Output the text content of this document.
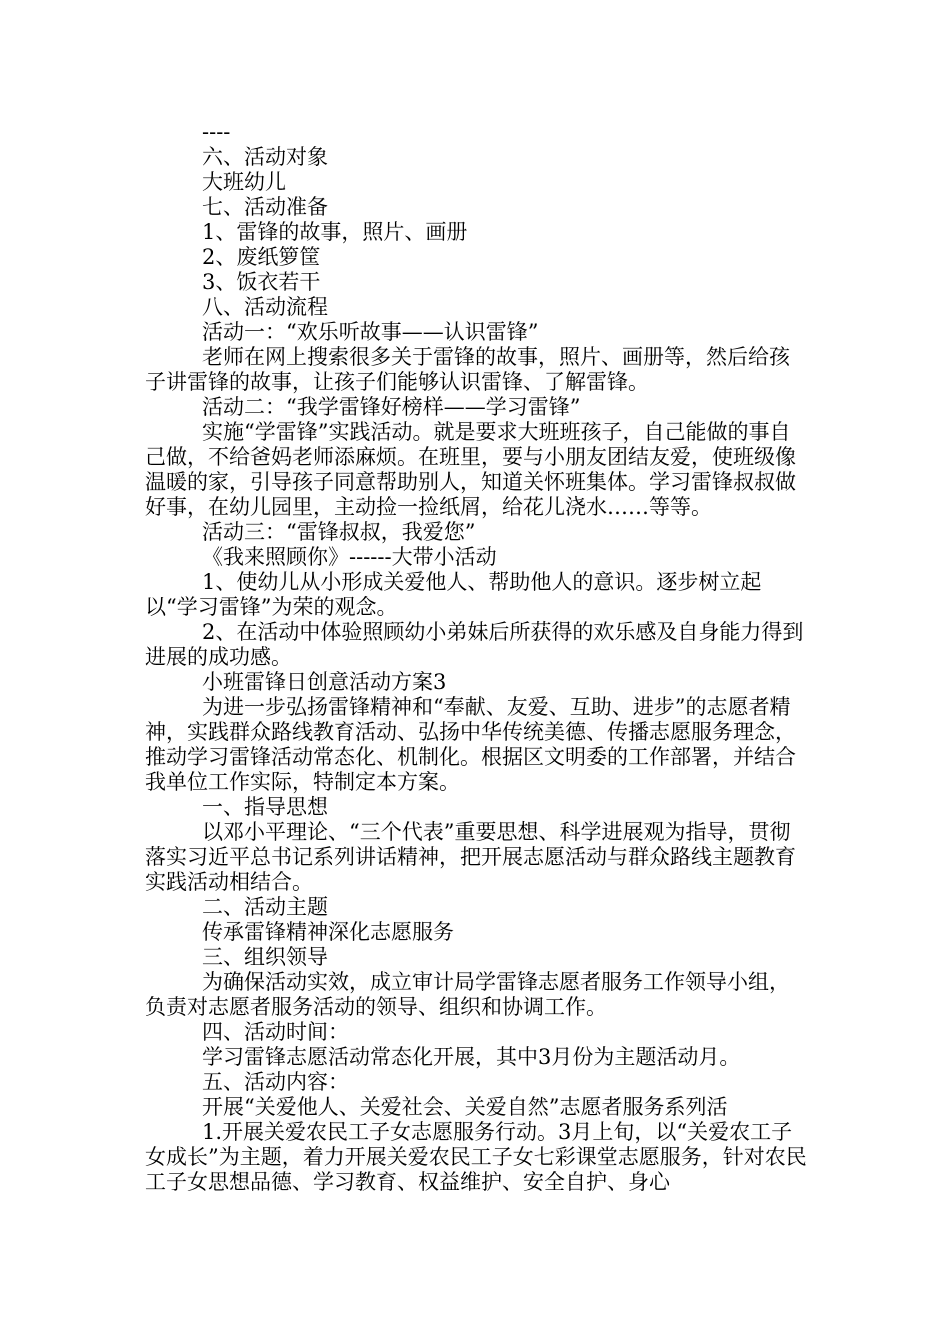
----

六、活动对象

大班幼儿

七、活动准备

1、雷锋的故事，照片、画册

2、废纸箩筐

3、饭衣若干

八、活动流程

活动一：“欢乐听故事——认识雷锋”

老师在网上搜索很多关于雷锋的故事，照片、画册等，然后给孩子讲雷锋的故事，让孩子们能够认识雷锋、了解雷锋。

活动二：“我学雷锋好榜样——学习雷锋”

实施“学雷锋”实践活动。就是要求大班班孩子，自己能做的事自己做，不给爸妈老师添麻烦。在班里，要与小朋友团结友爱，使班级像温暖的家，引导孩子同意帮助别人，知道关怀班集体。学习雷锋叔叔做好事，在幼儿园里，主动捡一捡纸屑，给花儿浇水……等等。

活动三：“雷锋叔叔，我爱您”

《我来照顾你》------大带小活动

1、使幼儿从小形成关爱他人、帮助他人的意识。逐步树立起以“学习雷锋”为荣的观念。

2、在活动中体验照顾幼小弟妹后所获得的欢乐感及自身能力得到进展的成功感。

小班雷锋日创意活动方案3

为进一步弘扬雷锋精神和“奉献、友爱、互助、进步”的志愿者精神，实践群众路线教育活动、弘扬中华传统美德、传播志愿服务理念，推动学习雷锋活动常态化、机制化。根据区文明委的工作部署，并结合我单位工作实际，特制定本方案。

一、指导思想

以邓小平理论、“三个代表”重要思想、科学进展观为指导，贯彻落实习近平总书记系列讲话精神，把开展志愿活动与群众路线主题教育实践活动相结合。

二、活动主题

传承雷锋精神深化志愿服务

三、组织领导

为确保活动实效，成立审计局学雷锋志愿者服务工作领导小组，负责对志愿者服务活动的领导、组织和协调工作。

四、活动时间：

学习雷锋志愿活动常态化开展，其中3月份为主题活动月。

五、活动内容：

开展“关爱他人、关爱社会、关爱自然”志愿者服务系列活

1.开展关爱农民工子女志愿服务行动。3月上旬，以“关爱农工子女成长”为主题，着力开展关爱农民工子女七彩课堂志愿服务，针对农民工子女思想品德、学习教育、权益维护、安全自护、身心
